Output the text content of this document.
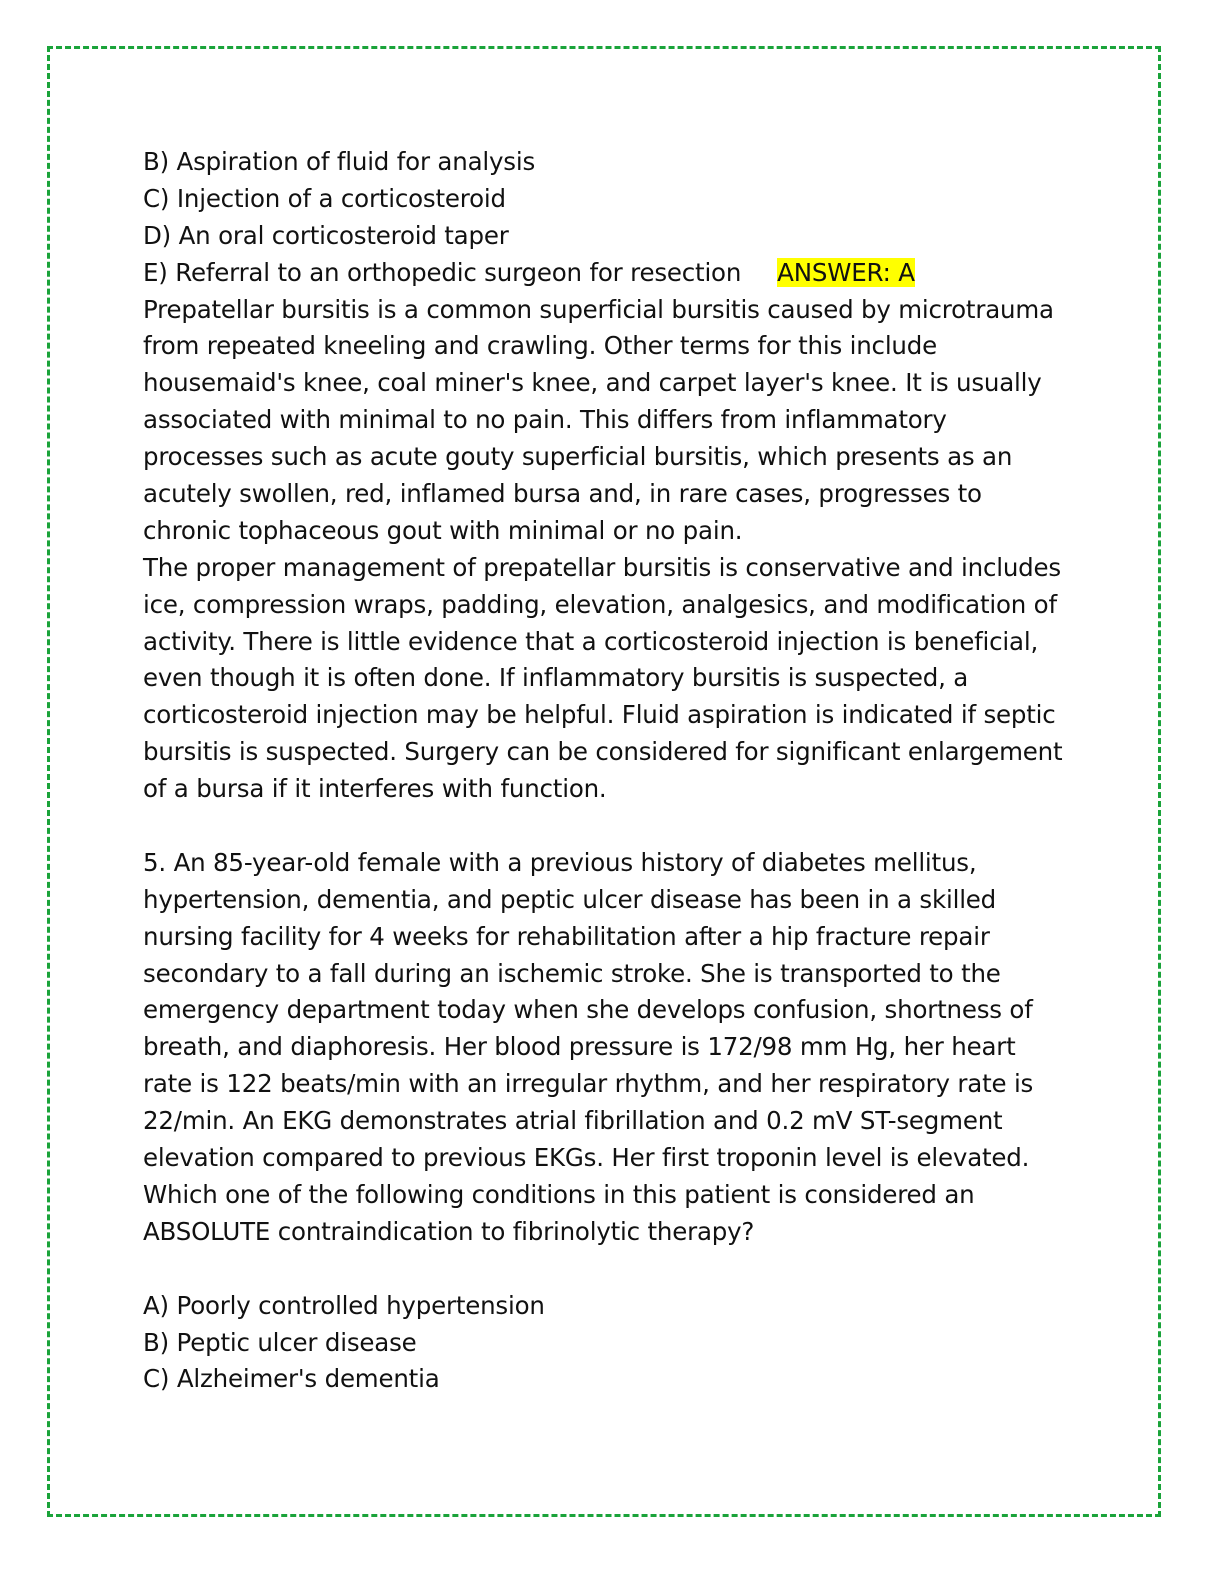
B) Aspiration of fluid for analysis
C) Injection of a corticosteroid
D) An oral corticosteroid taper
E) Referral to an orthopedic surgeon for resection ANSWER: A
Prepatellar bursitis is a common superficial bursitis caused by microtrauma
from repeated kneeling and crawling. Other terms for this include
housemaid's knee, coal miner's knee, and carpet layer's knee. It is usually
associated with minimal to no pain. This differs from inflammatory
processes such as acute gouty superficial bursitis, which presents as an
acutely swollen, red, inflamed bursa and, in rare cases, progresses to
chronic tophaceous gout with minimal or no pain.
The proper management of prepatellar bursitis is conservative and includes
ice, compression wraps, padding, elevation, analgesics, and modification of
activity. There is little evidence that a corticosteroid injection is beneficial,
even though it is often done. If inflammatory bursitis is suspected, a
corticosteroid injection may be helpful. Fluid aspiration is indicated if septic
bursitis is suspected. Surgery can be considered for significant enlargement
of a bursa if it interferes with function.
5. An 85-year-old female with a previous history of diabetes mellitus,
hypertension, dementia, and peptic ulcer disease has been in a skilled
nursing facility for 4 weeks for rehabilitation after a hip fracture repair
secondary to a fall during an ischemic stroke. She is transported to the
emergency department today when she develops confusion, shortness of
breath, and diaphoresis. Her blood pressure is 172/98 mm Hg, her heart
rate is 122 beats/min with an irregular rhythm, and her respiratory rate is
22/min. An EKG demonstrates atrial fibrillation and 0.2 mV ST-segment
elevation compared to previous EKGs. Her first troponin level is elevated.
Which one of the following conditions in this patient is considered an
ABSOLUTE contraindication to fibrinolytic therapy?
A) Poorly controlled hypertension
B) Peptic ulcer disease
C) Alzheimer's dementia
